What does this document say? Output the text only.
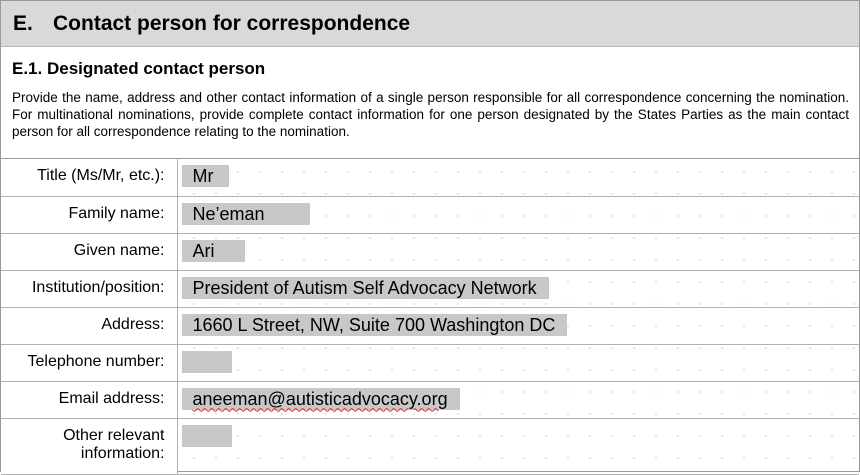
E. Contact person for correspondence
E.1. Designated contact person

Provide the name, address and other contact information of a single person responsible for all correspondence concerning the nomination. For multinational nominations, provide complete contact information for one person designated by the States Parties as the main contact person for all correspondence relating to the nomination.

Title (Ms/Mr, etc.):	Mr
Family name:	Ne’eman
Given name:	Ari
Institution/position:	President of Autism Self Advocacy Network
Address:	1660 L Street, NW, Suite 700 Washington DC
Telephone number:	
Email address:	aneeman@autisticadvocacy.org

Other relevant
information:	
